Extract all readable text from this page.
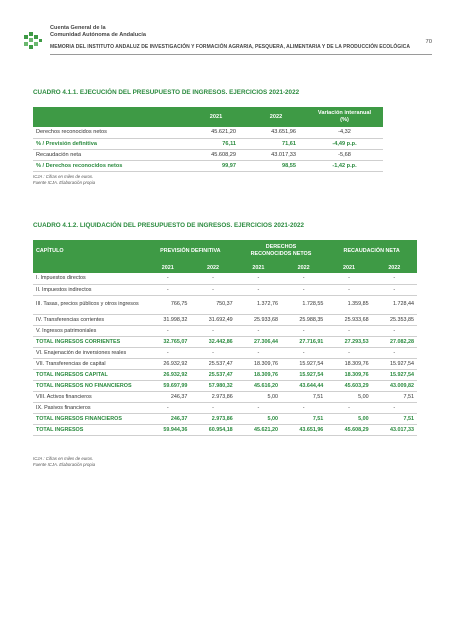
Cuenta General de la
Comunidad Autónoma de Andalucía
MEMORIA DEL INSTITUTO ANDALUZ DE INVESTIGACIÓN Y FORMACIÓN AGRARIA, PESQUERA, ALIMENTARIA Y DE LA PRODUCCIÓN ECOLÓGICA
70
CUADRO 4.1.1. EJECUCIÓN DEL PRESUPUESTO DE INGRESOS. EJERCICIOS 2021-2022
	2021	2022	Variación interanual (%)
Derechos reconocidos netos	45.621,20	43.651,96	-4,32
% / Previsión definitiva	76,11	71,61	-4,49 p.p.
Recaudación neta	45.608,29	43.017,33	-5,68
% / Derechos reconocidos netos	99,97	98,55	-1,42 p.p.
ICJA : Cifras en miles de euros.
Fuente ICJA. Elaboración propia
CUADRO 4.1.2. LIQUIDACIÓN DEL PRESUPUESTO DE INGRESOS. EJERCICIOS 2021-2022
CAPÍTULO	PREVISIÓN DEFINITIVA		DERECHOS RECONOCIDOS NETOS		RECAUDACIÓN NETA	
	2021	2022	2021	2022	2021	2022
I. Impuestos directos	-	-	-	-	-	-
II. Impuestos indirectos	-	-	-	-	-	-
III. Tasas, precios públicos y otros ingresos	766,75	750,37	1.372,76	1.728,55	1.359,85	1.728,44
IV. Transferencias corrientes	31.998,32	31.692,49	25.933,68	25.988,35	25.933,68	25.353,85
V. Ingresos patrimoniales	-	-	-	-	-	-
TOTAL INGRESOS CORRIENTES	32.765,07	32.442,86	27.306,44	27.716,91	27.293,53	27.082,28
VI. Enajenación de inversiones reales	-	-	-	-	-	-
VII. Transferencias de capital	26.932,92	25.537,47	18.309,76	15.927,54	18.309,76	15.927,54
TOTAL INGRESOS CAPITAL	26.932,92	25.537,47	18.309,76	15.927,54	18.309,76	15.927,54
TOTAL INGRESOS NO FINANCIEROS	59.697,99	57.980,32	45.616,20	43.644,44	45.603,29	43.009,82
VIII. Activos financieros	246,37	2.973,86	5,00	7,51	5,00	7,51
IX. Pasivos financieros	-	-	-	-	-	-
TOTAL INGRESOS FINANCIEROS	246,37	2.973,86	5,00	7,51	5,00	7,51
TOTAL INGRESOS	59.944,36	60.954,18	45.621,20	43.651,96	45.608,29	43.017,33
ICJA : Cifras en miles de euros.
Fuente ICJA. Elaboración propia
